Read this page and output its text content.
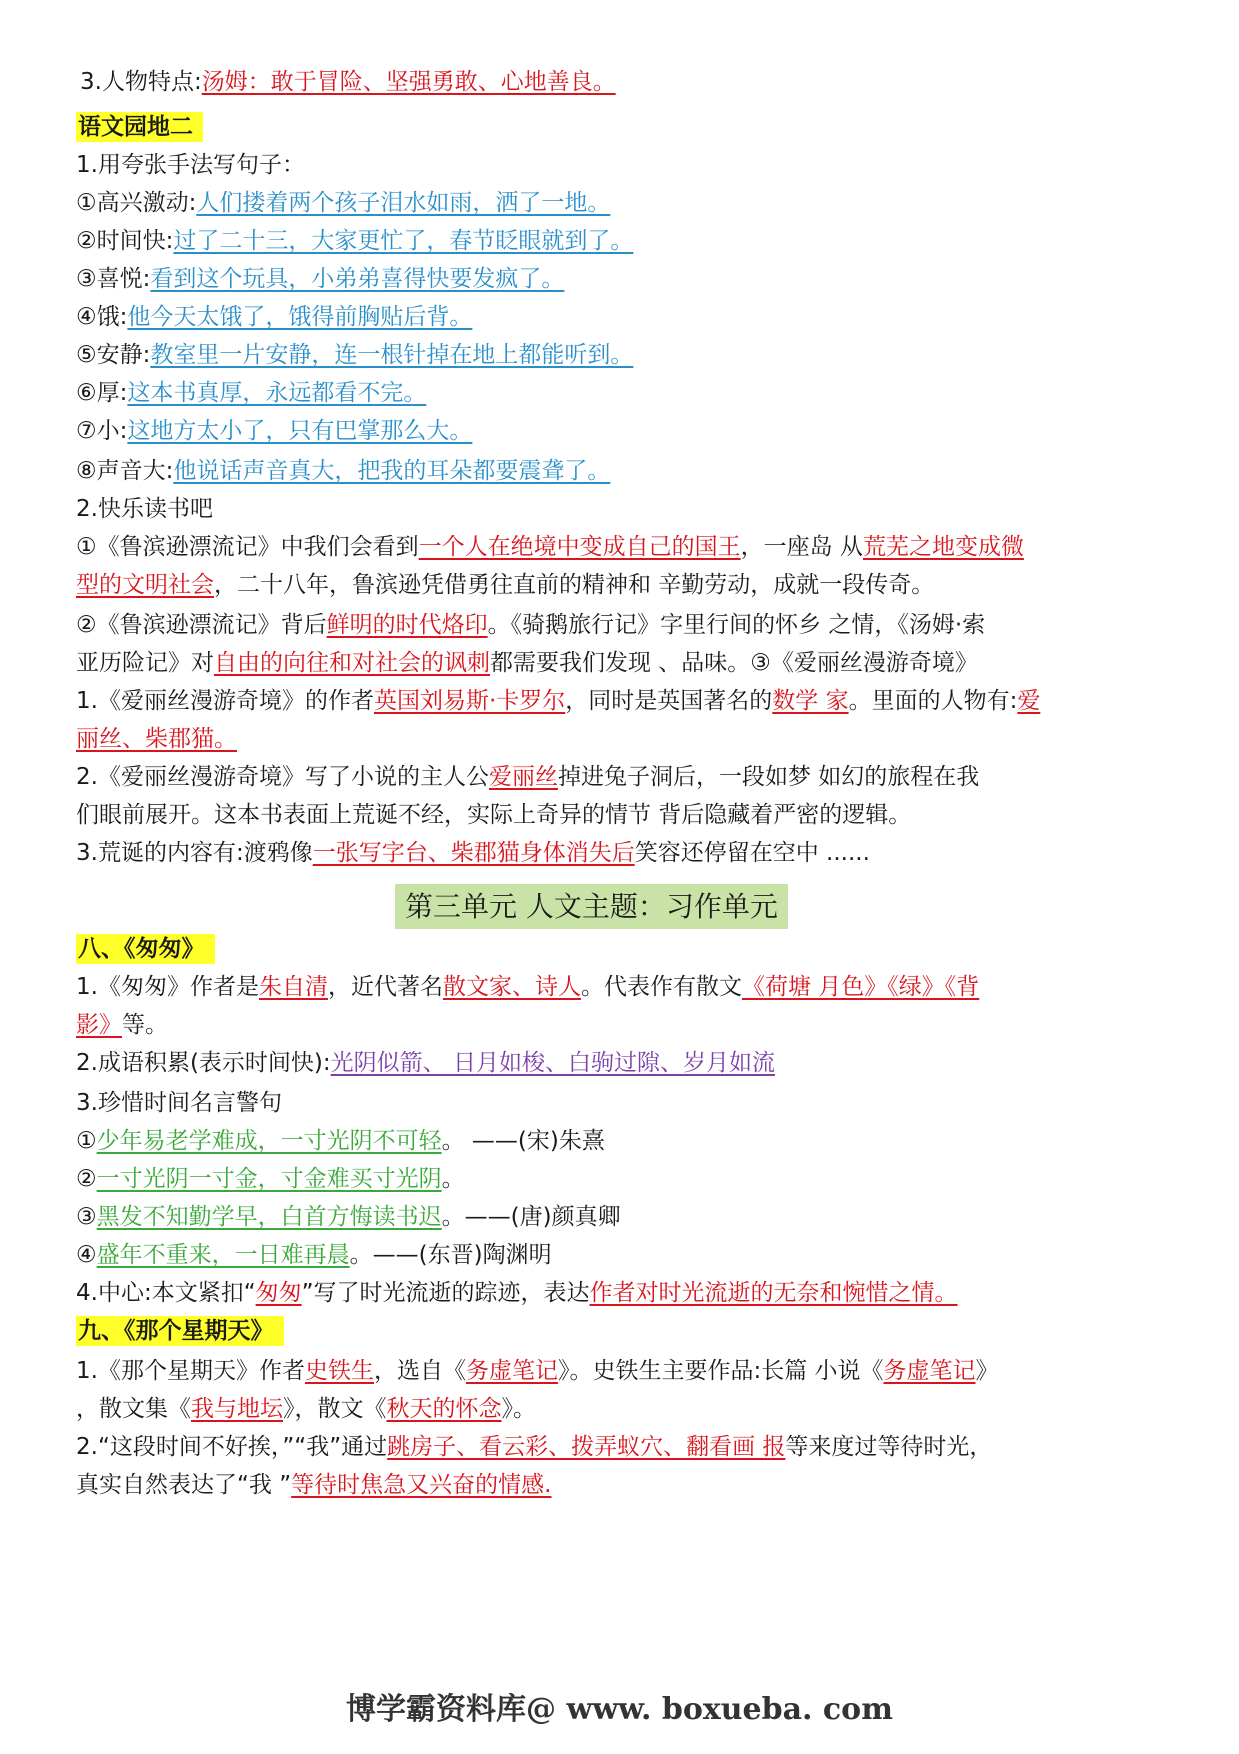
3.人物特点:汤姆：敢于冒险、坚强勇敢、心地善良。
语文园地二
1.用夸张手法写句子：
①高兴激动:人们搂着两个孩子泪水如雨，洒了一地。
②时间快:过了二十三，大家更忙了，春节眨眼就到了。
③喜悦:看到这个玩具，小弟弟喜得快要发疯了。
④饿:他今天太饿了，饿得前胸贴后背。
⑤安静:教室里一片安静，连一根针掉在地上都能听到。
⑥厚:这本书真厚，永远都看不完。
⑦小:这地方太小了，只有巴掌那么大。
⑧声音大:他说话声音真大，把我的耳朵都要震聋了。
2.快乐读书吧
①《鲁滨逊漂流记》中我们会看到一个人在绝境中变成自己的国王，一座岛 从荒芜之地变成微
型的文明社会，二十八年，鲁滨逊凭借勇往直前的精神和 辛勤劳动，成就一段传奇。
②《鲁滨逊漂流记》背后鲜明的时代烙印。《骑鹅旅行记》字里行间的怀乡 之情，《汤姆·索
亚历险记》对自由的向往和对社会的讽刺都需要我们发现 、品味。③《爱丽丝漫游奇境》
1.《爱丽丝漫游奇境》的作者英国刘易斯·卡罗尔，同时是英国著名的数学 家。里面的人物有:爱
丽丝、柴郡猫。
2.《爱丽丝漫游奇境》写了小说的主人公爱丽丝掉进兔子洞后，一段如梦 如幻的旅程在我
们眼前展开。这本书表面上荒诞不经，实际上奇异的情节 背后隐藏着严密的逻辑。
3.荒诞的内容有:渡鸦像一张写字台、柴郡猫身体消失后笑容还停留在空中 ......
第三单元 人文主题：习作单元
八、《匆匆》
1.《匆匆》作者是朱自清，近代著名散文家、诗人。代表作有散文《荷塘 月色》《绿》《背
影》等。
2.成语积累(表示时间快):光阴似箭、 日月如梭、白驹过隙、岁月如流
3.珍惜时间名言警句
①少年易老学难成，一寸光阴不可轻。 ——(宋)朱熹
②一寸光阴一寸金，寸金难买寸光阴。
③黑发不知勤学早，白首方悔读书迟。——(唐)颜真卿
④盛年不重来，一日难再晨。——(东晋)陶渊明
4.中心:本文紧扣“匆匆”写了时光流逝的踪迹，表达作者对时光流逝的无奈和惋惜之情。
九、《那个星期天》
1.《那个星期天》作者史铁生，选自《务虚笔记》。史铁生主要作品:长篇 小说《务虚笔记》
，散文集《我与地坛》，散文《秋天的怀念》。
2.“这段时间不好挨，”“我”通过跳房子、看云彩、拨弄蚁穴、翻看画 报等来度过等待时光，
真实自然表达了“我 ”等待时焦急又兴奋的情感.
博学霸资料库@ www. boxueba. com
